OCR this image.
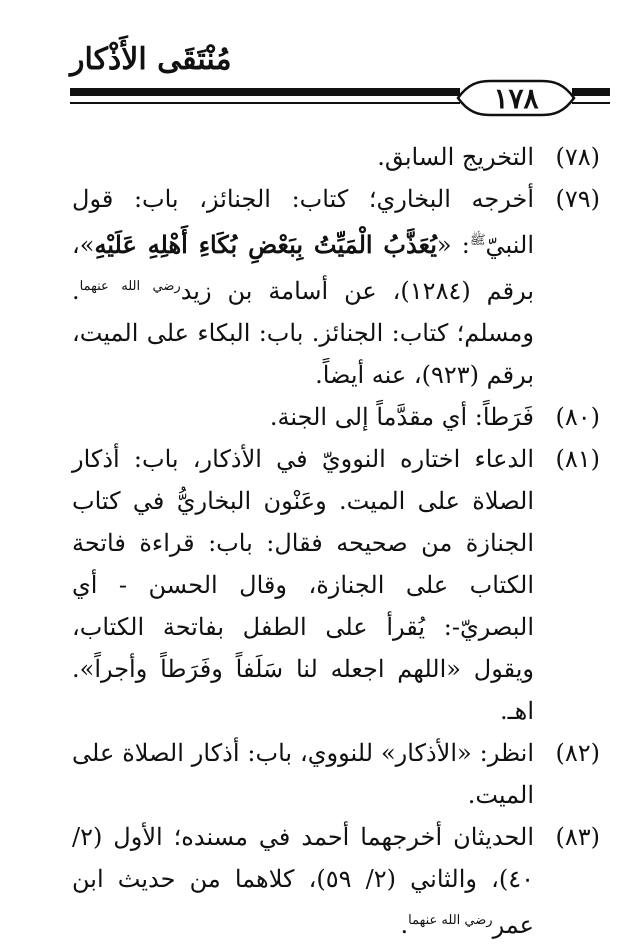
مُنْتَقَى الأَذْكار
١٧٨
(٧٨)
التخريج السابق.
(٧٩)
أخرجه البخاري؛ كتاب: الجنائز، باب: قول النبيّ$^ﷺ$: «يُعَذَّبُ الْمَيِّتُ بِبَعْضِ بُكَاءِ أَهْلِهِ عَلَيْهِ»، برقم (١٢٨٤)، عن أسامة بن زيد$^{رضي الله عنهما}$. ومسلم؛ كتاب: الجنائز. باب: البكاء على الميت، برقم (٩٢٣)، عنه أيضاً.
(٨٠)
فَرَطاً: أي مقدَّماً إلى الجنة.
(٨١)
الدعاء اختاره النوويّ في الأذكار، باب: أذكار الصلاة على الميت. وعَنْون البخاريُّ في كتاب الجنازة من صحيحه فقال: باب: قراءة فاتحة الكتاب على الجنازة، وقال الحسن - أي البصريّ-: يُقرأ على الطفل بفاتحة الكتاب، ويقول «اللهم اجعله لنا سَلَفاً وفَرَطاً وأجراً». اهـ.
(٨٢)
انظر: «الأذكار» للنووي، باب: أذكار الصلاة على الميت.
(٨٣)
الحديثان أخرجهما أحمد في مسنده؛ الأول (٢/ ٤٠)، والثاني (٢/ ٥٩)، كلاهما من حديث ابن عمر$^{رضي الله عنهما}$.
